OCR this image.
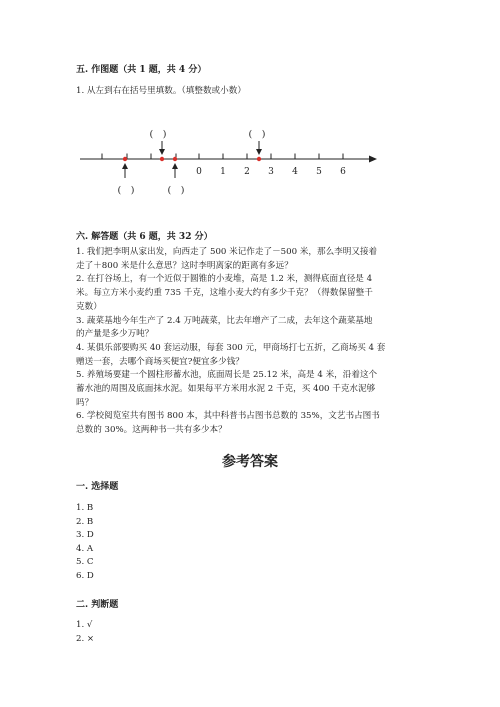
五. 作图题（共 1 题，共 4 分）
1. 从左到右在括号里填数。（填整数或小数）
0 1 2 3 4 5 6
(　)	(　)
(　)	(　)
六. 解答题（共 6 题，共 32 分）
1. 我们把李明从家出发，向西走了 500 米记作走了－500 米，那么李明又接着
走了＋800 米是什么意思？这时李明离家的距离有多远？
2. 在打谷场上，有一个近似于圆锥的小麦堆，高是 1.2 米，测得底面直径是 4
米。每立方米小麦约重 735 千克，这堆小麦大约有多少千克？（得数保留整千
克数）
3. 蔬菜基地今年生产了 2.4 万吨蔬菜，比去年增产了二成，去年这个蔬菜基地
的产量是多少万吨？
4. 某俱乐部要购买 40 套运动服，每套 300 元，甲商场打七五折，乙商场买 4 套
赠送一套，去哪个商场买便宜?便宜多少钱？
5. 养殖场要建一个圆柱形蓄水池，底面周长是 25.12 米，高是 4 米，沿着这个
蓄水池的周围及底面抹水泥。如果每平方米用水泥 2 千克，买 400 千克水泥够
吗？
6. 学校阅览室共有图书 800 本，其中科普书占图书总数的 35%，文艺书占图书
总数的 30%。这两种书一共有多少本？
参考答案
一. 选择题
1. B
2. B
3. D
4. A
5. C
6. D
二. 判断题
1. √
2. ×
